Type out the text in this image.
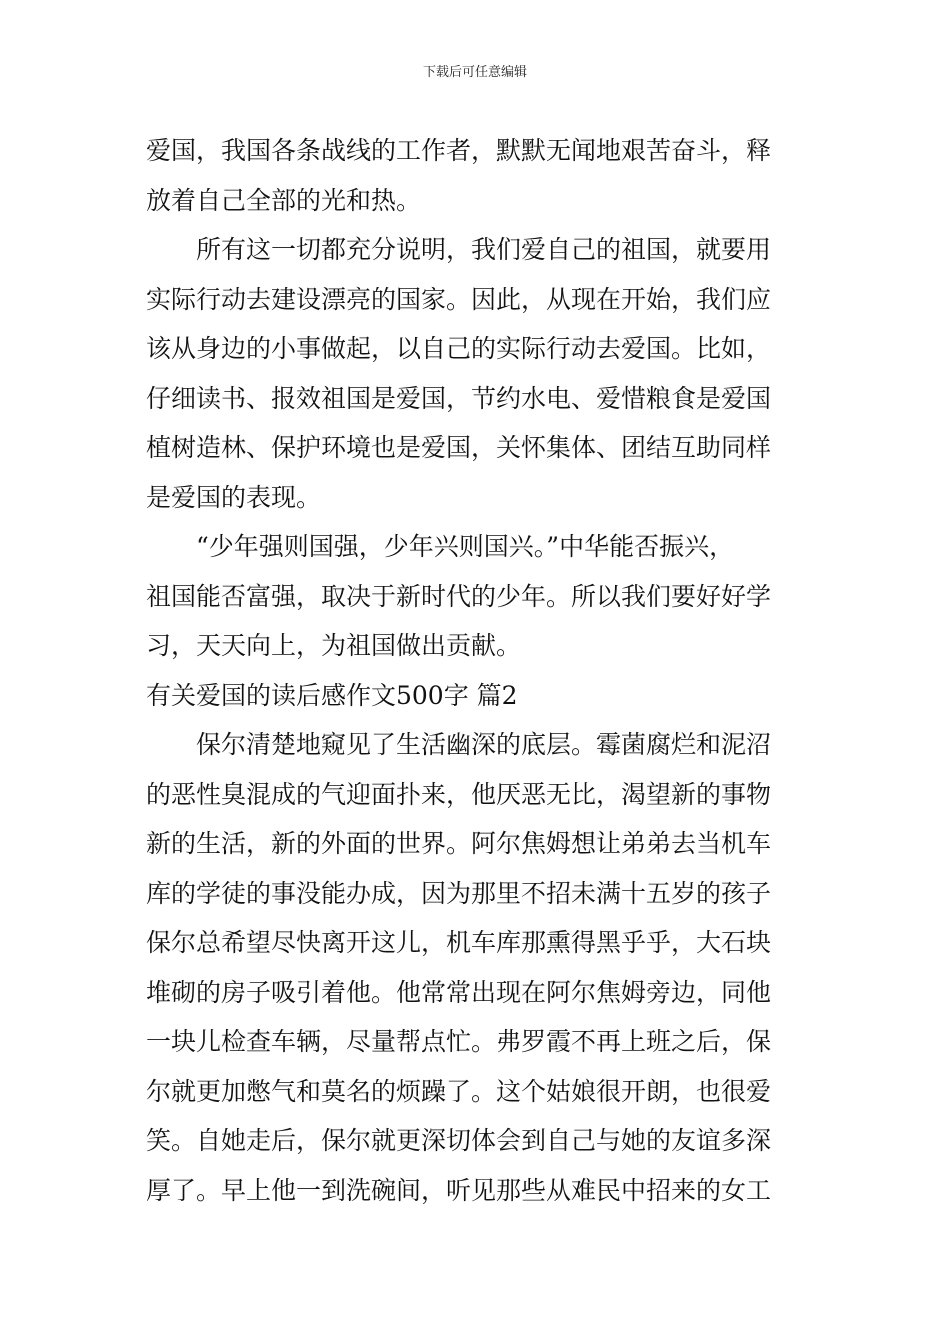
下载后可任意编辑
爱国，我国各条战线的工作者，默默无闻地艰苦奋斗，释
放着自己全部的光和热。
所有这一切都充分说明，我们爱自己的祖国，就要用
实际行动去建设漂亮的国家。因此，从现在开始，我们应
该从身边的小事做起，以自己的实际行动去爱国。比如，
仔细读书、报效祖国是爱国，节约水电、爱惜粮食是爱国
植树造林、保护环境也是爱国，关怀集体、团结互助同样
是爱国的表现。
“少年强则国强，少年兴则国兴。”中华能否振兴，
祖国能否富强，取决于新时代的少年。所以我们要好好学
习，天天向上，为祖国做出贡献。
有关爱国的读后感作文500字 篇2
保尔清楚地窥见了生活幽深的底层。霉菌腐烂和泥沼
的恶性臭混成的气迎面扑来，他厌恶无比，渴望新的事物
新的生活，新的外面的世界。阿尔焦姆想让弟弟去当机车
库的学徒的事没能办成，因为那里不招未满十五岁的孩子
保尔总希望尽快离开这儿，机车库那熏得黑乎乎，大石块
堆砌的房子吸引着他。他常常出现在阿尔焦姆旁边，同他
一块儿检查车辆，尽量帮点忙。弗罗霞不再上班之后，保
尔就更加憋气和莫名的烦躁了。这个姑娘很开朗，也很爱
笑。自她走后，保尔就更深切体会到自己与她的友谊多深
厚了。早上他一到洗碗间，听见那些从难民中招来的女工
